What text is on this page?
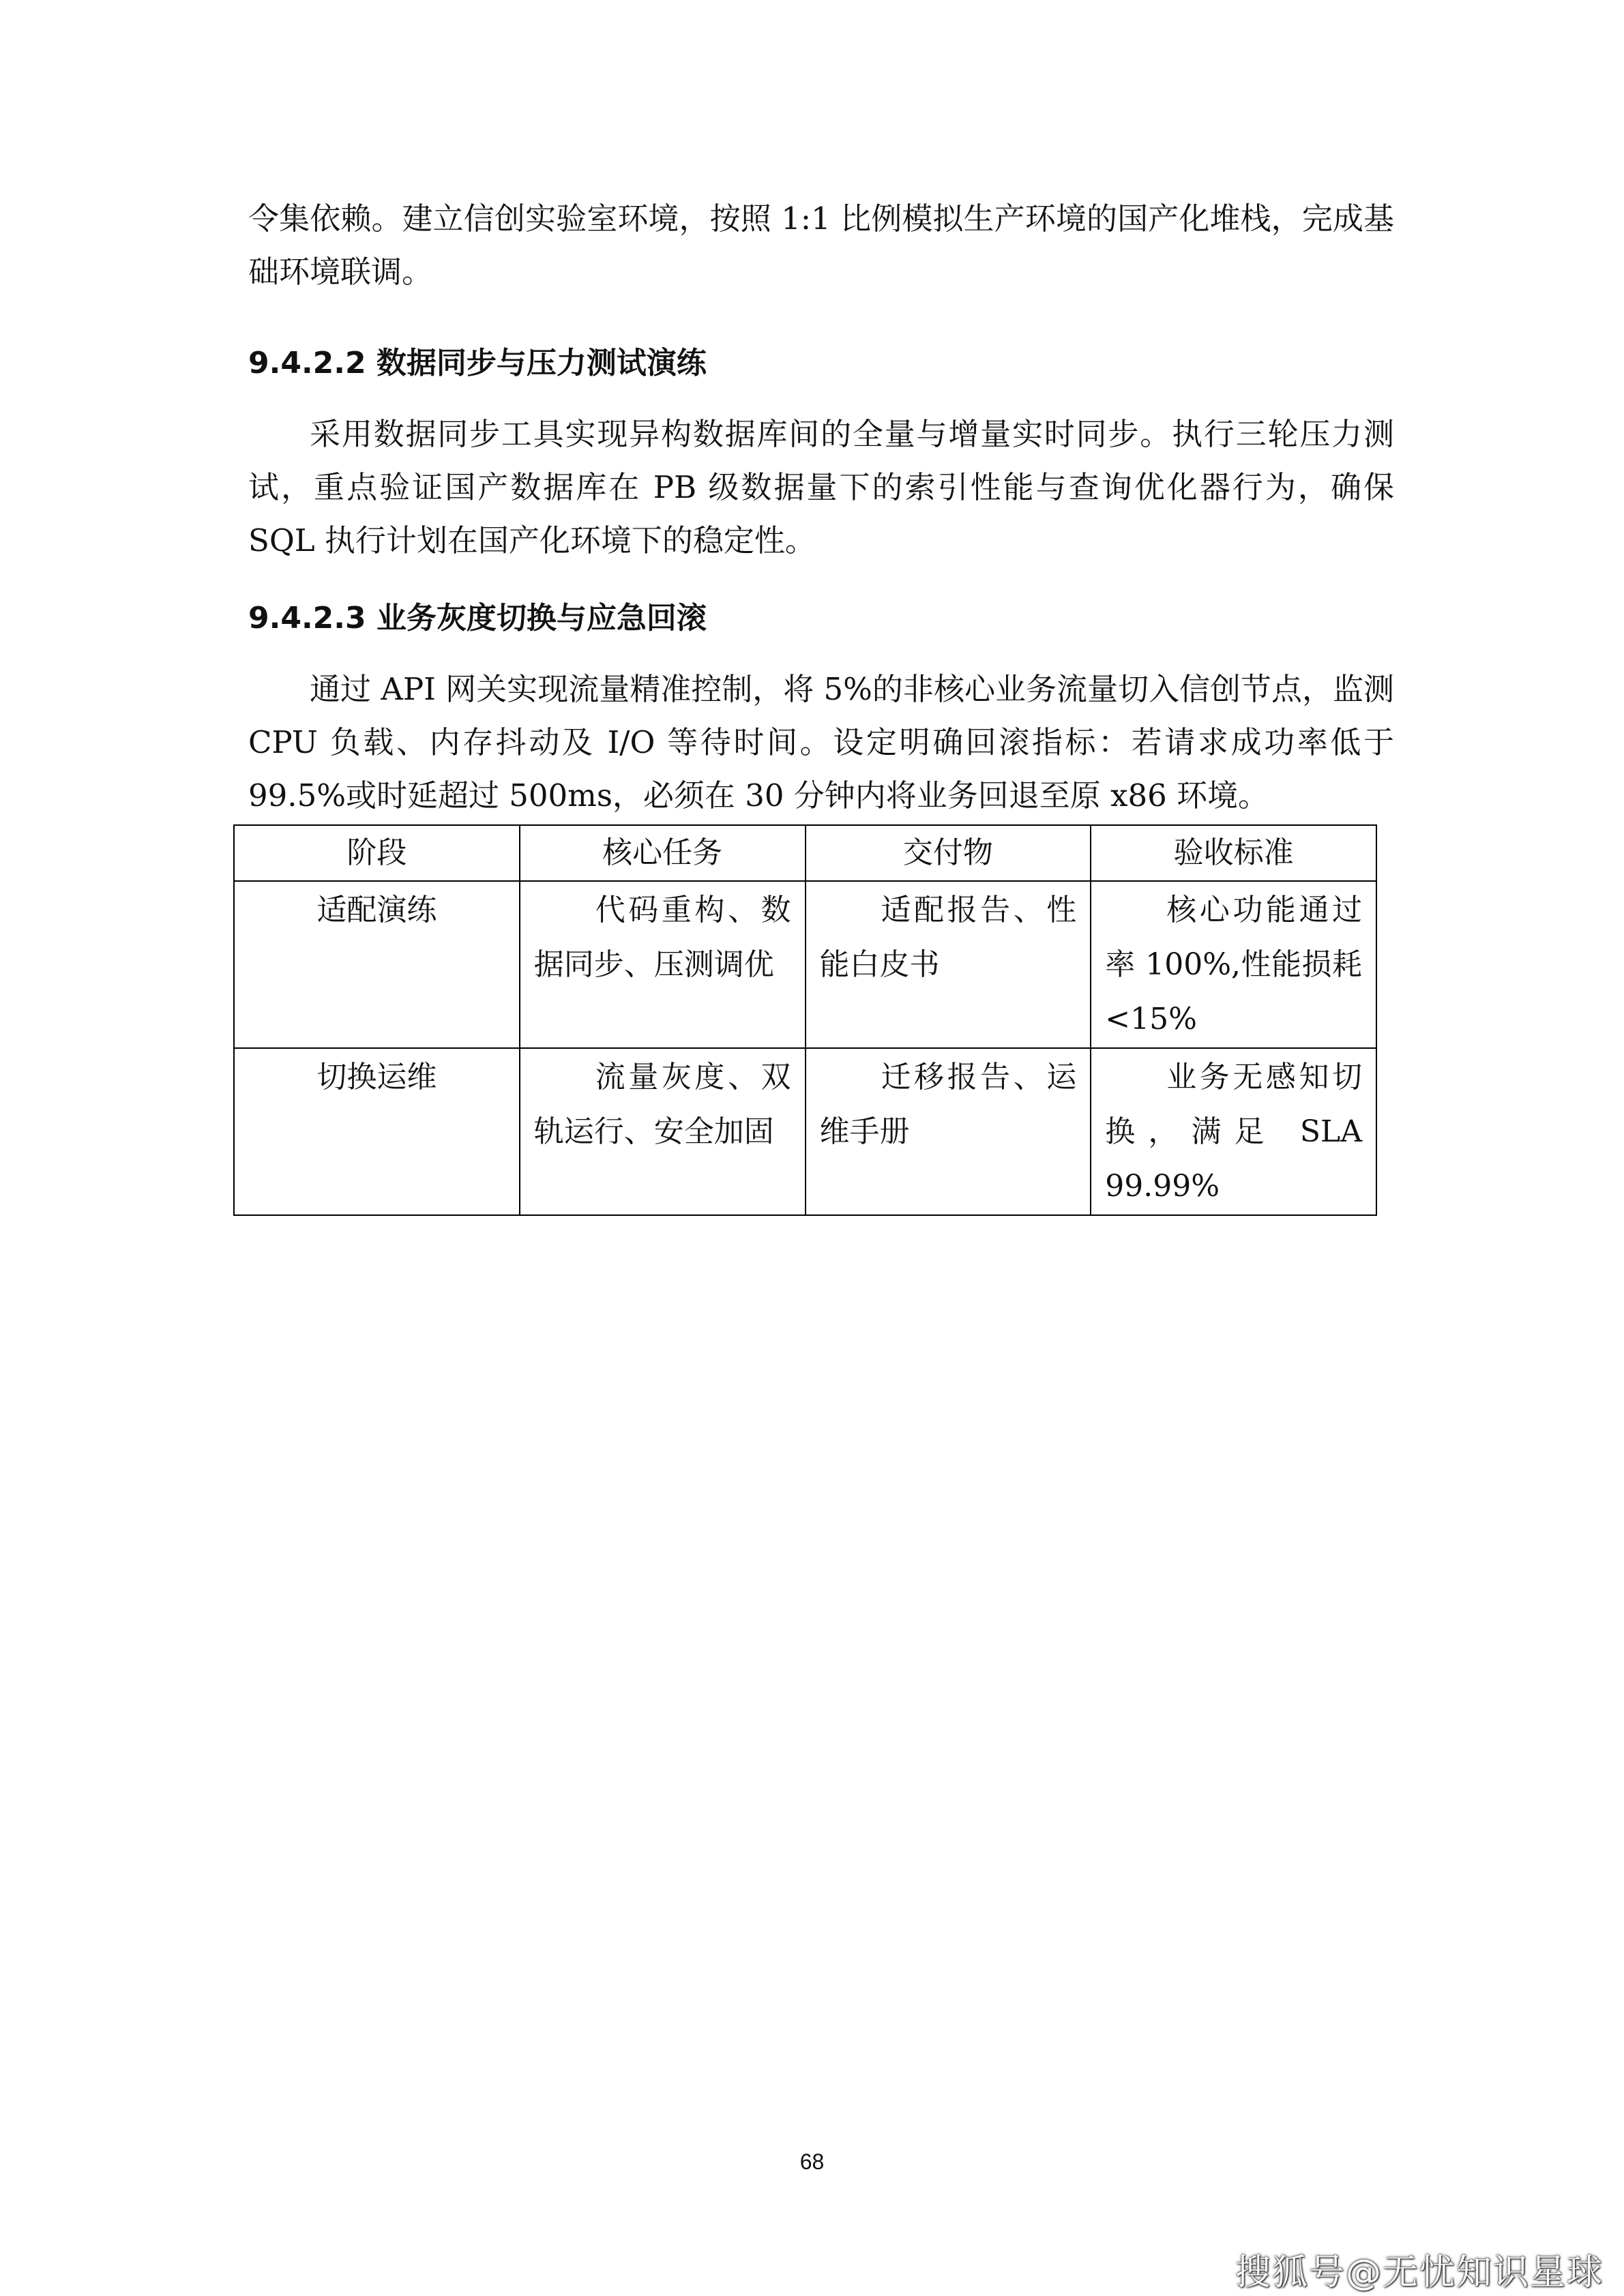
令集依赖。建立信创实验室环境，按照 1:1 比例模拟生产环境的国产化堆栈，完成基础环境联调。

9.4.2.2 数据同步与压力测试演练

采用数据同步工具实现异构数据库间的全量与增量实时同步。执行三轮压力测试，重点验证国产数据库在 PB 级数据量下的索引性能与查询优化器行为，确保 SQL 执行计划在国产化环境下的稳定性。

9.4.2.3 业务灰度切换与应急回滚

通过 API 网关实现流量精准控制，将 5%的非核心业务流量切入信创节点，监测 CPU 负载、内存抖动及 I/O 等待时间。设定明确回滚指标：若请求成功率低于 99.5%或时延超过 500ms，必须在 30 分钟内将业务回退至原 x86 环境。

阶段	核心任务	交付物	验收标准
适配演练	代码重构、数据同步、压测调优	适配报告、性能白皮书	核心功能通过率 100%,性能损耗<15%
切换运维	流量灰度、双轨运行、安全加固	迁移报告、运维手册	业务无感知切换，满足 SLA 99.99%
68
搜狐号@无忧知识星球
